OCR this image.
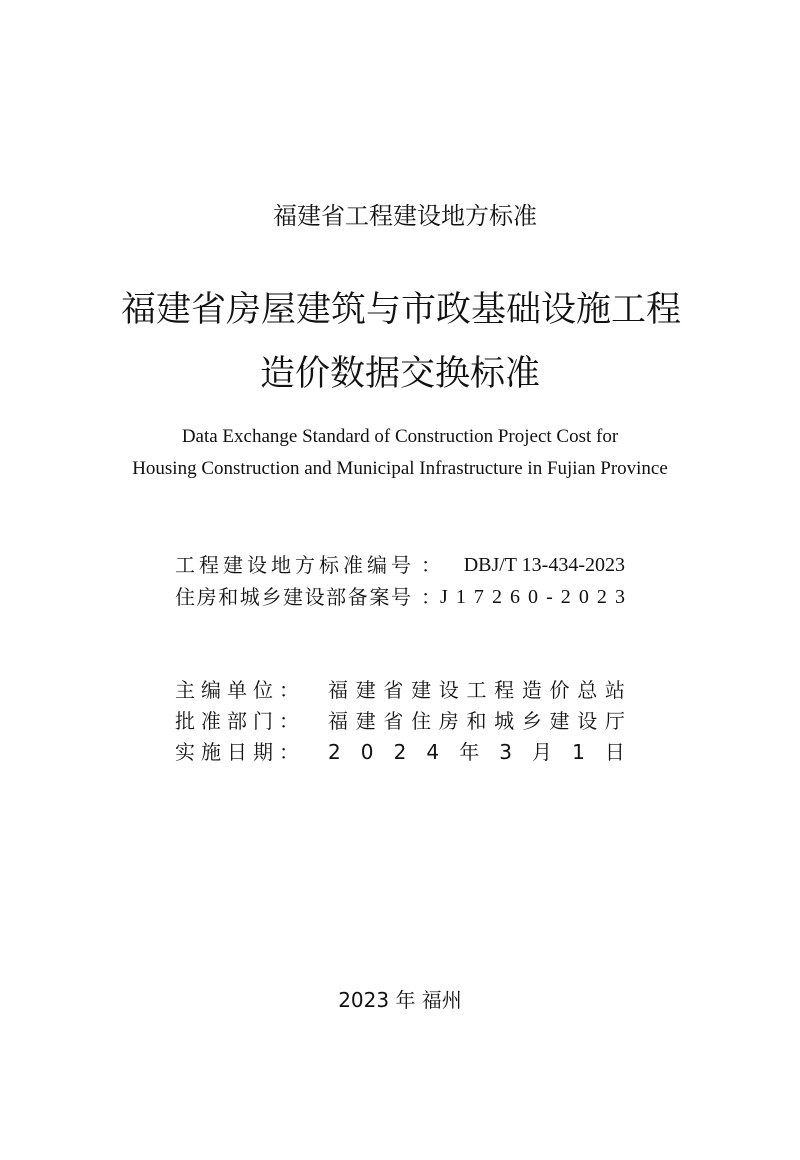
福建省工程建设地方标准
福建省房屋建筑与市政基础设施工程
造价数据交换标准
Data Exchange Standard of Construction Project Cost for
Housing Construction and Municipal Infrastructure in Fujian Province
工 程 建 设 地 方 标 准 编 号 ：	DBJ/T 13-434-2023
住 房 和 城 乡 建 设 部 备 案 号 ： J 1 7 2 6 0 - 2 0 2 3
主 编 单 位 ： 福 建 省 建 设 工 程 造 价 总 站
批 准 部 门 ： 福 建 省 住 房 和 城 乡 建 设 厅
实 施 日 期 ： 2 0 2 4 年 3 月 1 日
2023 年 福州
